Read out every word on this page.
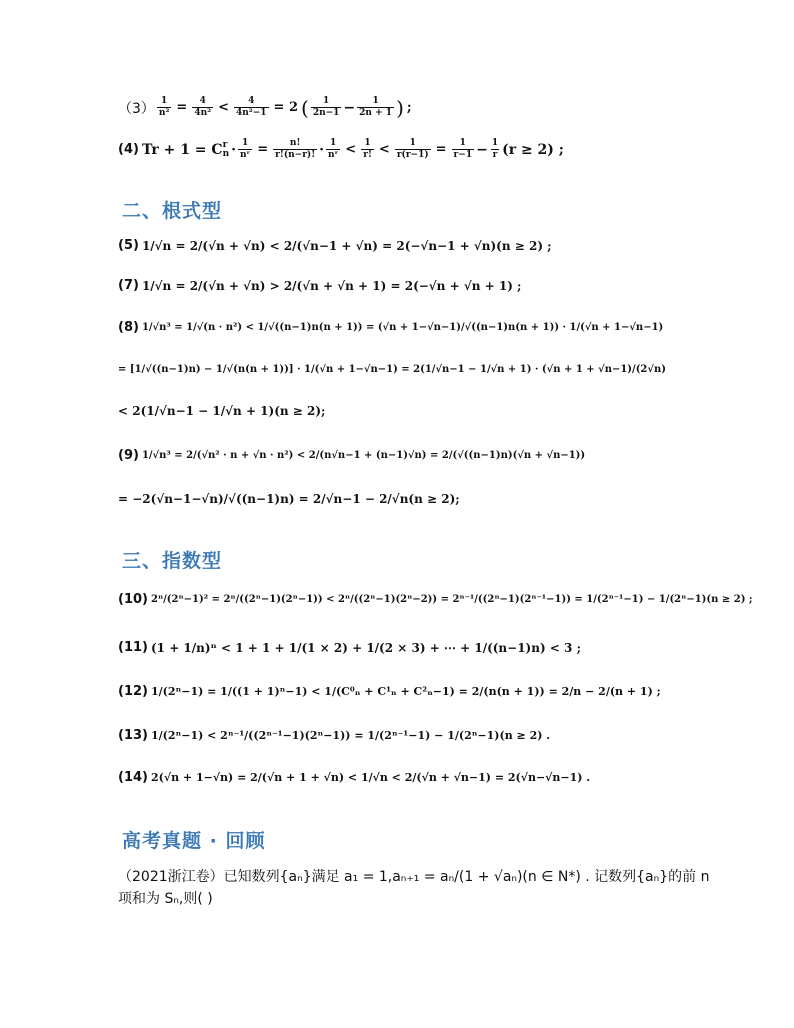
$(3) \frac{1}{\text{n²}} = \frac{4}{\text{4n²}} < \frac{4}{\text{4n²−1}} = 2$ ( $\frac{1}{2n-1} - \frac{1}{2n + 1}$ ) ;
(4) Tr + 1 = C r
$n \cdot \frac{1}{\text{nʳ}} = \frac{n!}{r!(n-r)!} \cdot \frac{1}{\text{nʳ}} < \frac{1}{r!} < \frac{1}{r(r-1)} = \frac{1}{r-1} - \frac{1}{r} (r \ge 2)$ ;
二、根式型
(5) 1/√n = 2/(√n + √n) < 2/(√n−1 + √n) = 2(−√n−1 + √n)(n ≥ 2) ;
(7) 1/√n = 2/(√n + √n) > 2/(√n + √n + 1) = 2(−√n + √n + 1) ;
(8) 1/√n³ = 1/√(n · n²) < 1/√((n−1)n(n + 1)) = (√n + 1−√n−1)/√((n−1)n(n + 1)) · 1/(√n + 1−√n−1)
= [1/√((n−1)n) − 1/√(n(n + 1))] · 1/(√n + 1−√n−1) = 2(1/√n−1 − 1/√n + 1) · (√n + 1 + √n−1)/(2√n)
< 2(1/√n−1 − 1/√n + 1)(n ≥ 2);
(9) 1/√n³ = 2/(√n² · n + √n · n²) < 2/(n√n−1 + (n−1)√n) = 2/(√((n−1)n)(√n + √n−1))
= −2(√n−1−√n)/√((n−1)n) = 2/√n−1 − 2/√n(n ≥ 2);
三、指数型
(10) 2ⁿ/(2ⁿ−1)² = 2ⁿ/((2ⁿ−1)(2ⁿ−1)) < 2ⁿ/((2ⁿ−1)(2ⁿ−2)) = 2ⁿ⁻¹/((2ⁿ−1)(2ⁿ⁻¹−1)) = 1/(2ⁿ⁻¹−1) − 1/(2ⁿ−1)(n ≥ 2) ;
(11) (1 + 1/n)ⁿ < 1 + 1 + 1/(1 × 2) + 1/(2 × 3) + ⋯ + 1/((n−1)n) < 3 ;
(12) 1/(2ⁿ−1) = 1/((1 + 1)ⁿ−1) < 1/(C⁰ₙ + C¹ₙ + C²ₙ−1) = 2/(n(n + 1)) = 2/n − 2/(n + 1) ;
(13) 1/(2ⁿ−1) < 2ⁿ⁻¹/((2ⁿ⁻¹−1)(2ⁿ−1)) = 1/(2ⁿ⁻¹−1) − 1/(2ⁿ−1)(n ≥ 2) .
(14) 2(√n + 1−√n) = 2/(√n + 1 + √n) < 1/√n < 2/(√n + √n−1) = 2(√n−√n−1) .
高考真题 · 回顾
（2021浙江卷）已知数列{aₙ}满足 a₁ = 1,aₙ₊₁ = aₙ/(1 + √aₙ)(n ∈ N*) . 记数列{aₙ}的前 n
项和为 Sₙ,则( )
